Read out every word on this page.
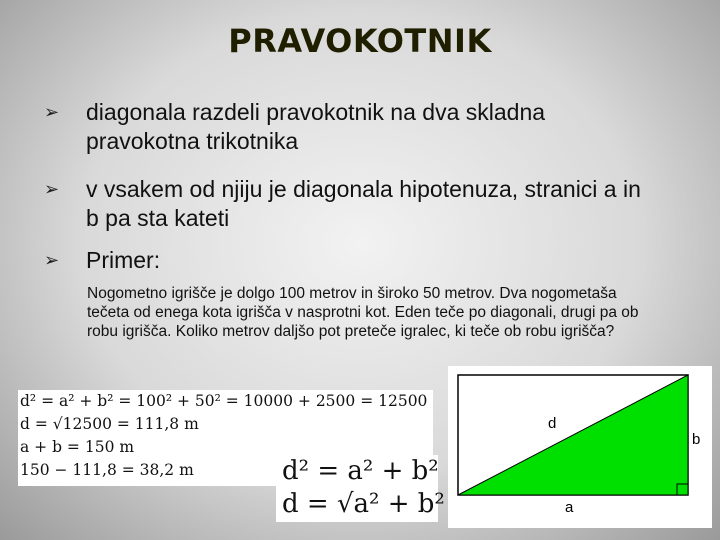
PRAVOKOTNIK
➢ diagonala razdeli pravokotnik na dva skladna pravokotna trikotnika
➢ v vsakem od njiju je diagonala hipotenuza, stranici a in b pa sta kateti
➢ Primer:
Nogometno igrišče je dolgo 100 metrov in široko 50 metrov. Dva nogometaša tečeta od enega kota igrišča v nasprotni kot. Eden teče po diagonali, drugi pa ob robu igrišča. Koliko metrov daljšo pot preteče igralec, ki teče ob robu igrišča?
d² = a² + b² = 100² + 50² = 10000 + 2500 = 12500
d = √12500 = 111,8 m
a + b = 150 m
150 − 111,8 = 38,2 m	d² = a² + b²
d = √a² + b²
d
b
a
